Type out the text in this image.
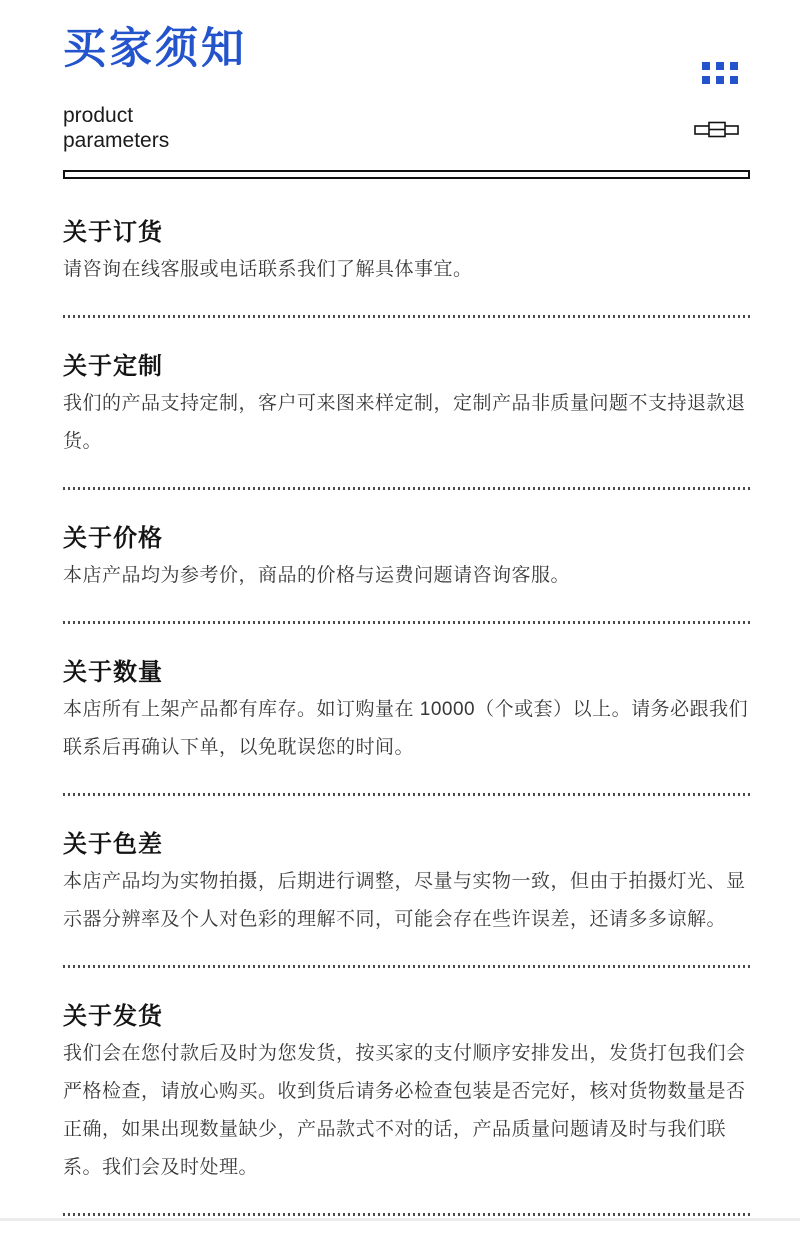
买家须知
product
parameters
关于订货

请咨询在线客服或电话联系我们了解具体事宜。

关于定制

我们的产品支持定制，客户可来图来样定制，定制产品非质量问题不支持退款退货。

关于价格

本店产品均为参考价，商品的价格与运费问题请咨询客服。

关于数量

本店所有上架产品都有库存。如订购量在 10000（个或套）以上。请务必跟我们联系后再确认下单，以免耽误您的时间。

关于色差

本店产品均为实物拍摄，后期进行调整，尽量与实物一致，但由于拍摄灯光、显示器分辨率及个人对色彩的理解不同，可能会存在些许误差，还请多多谅解。

关于发货

我们会在您付款后及时为您发货，按买家的支付顺序安排发出，发货打包我们会严格检查，请放心购买。收到货后请务必检查包装是否完好，核对货物数量是否正确，如果出现数量缺少，产品款式不对的话，产品质量问题请及时与我们联系。我们会及时处理。
